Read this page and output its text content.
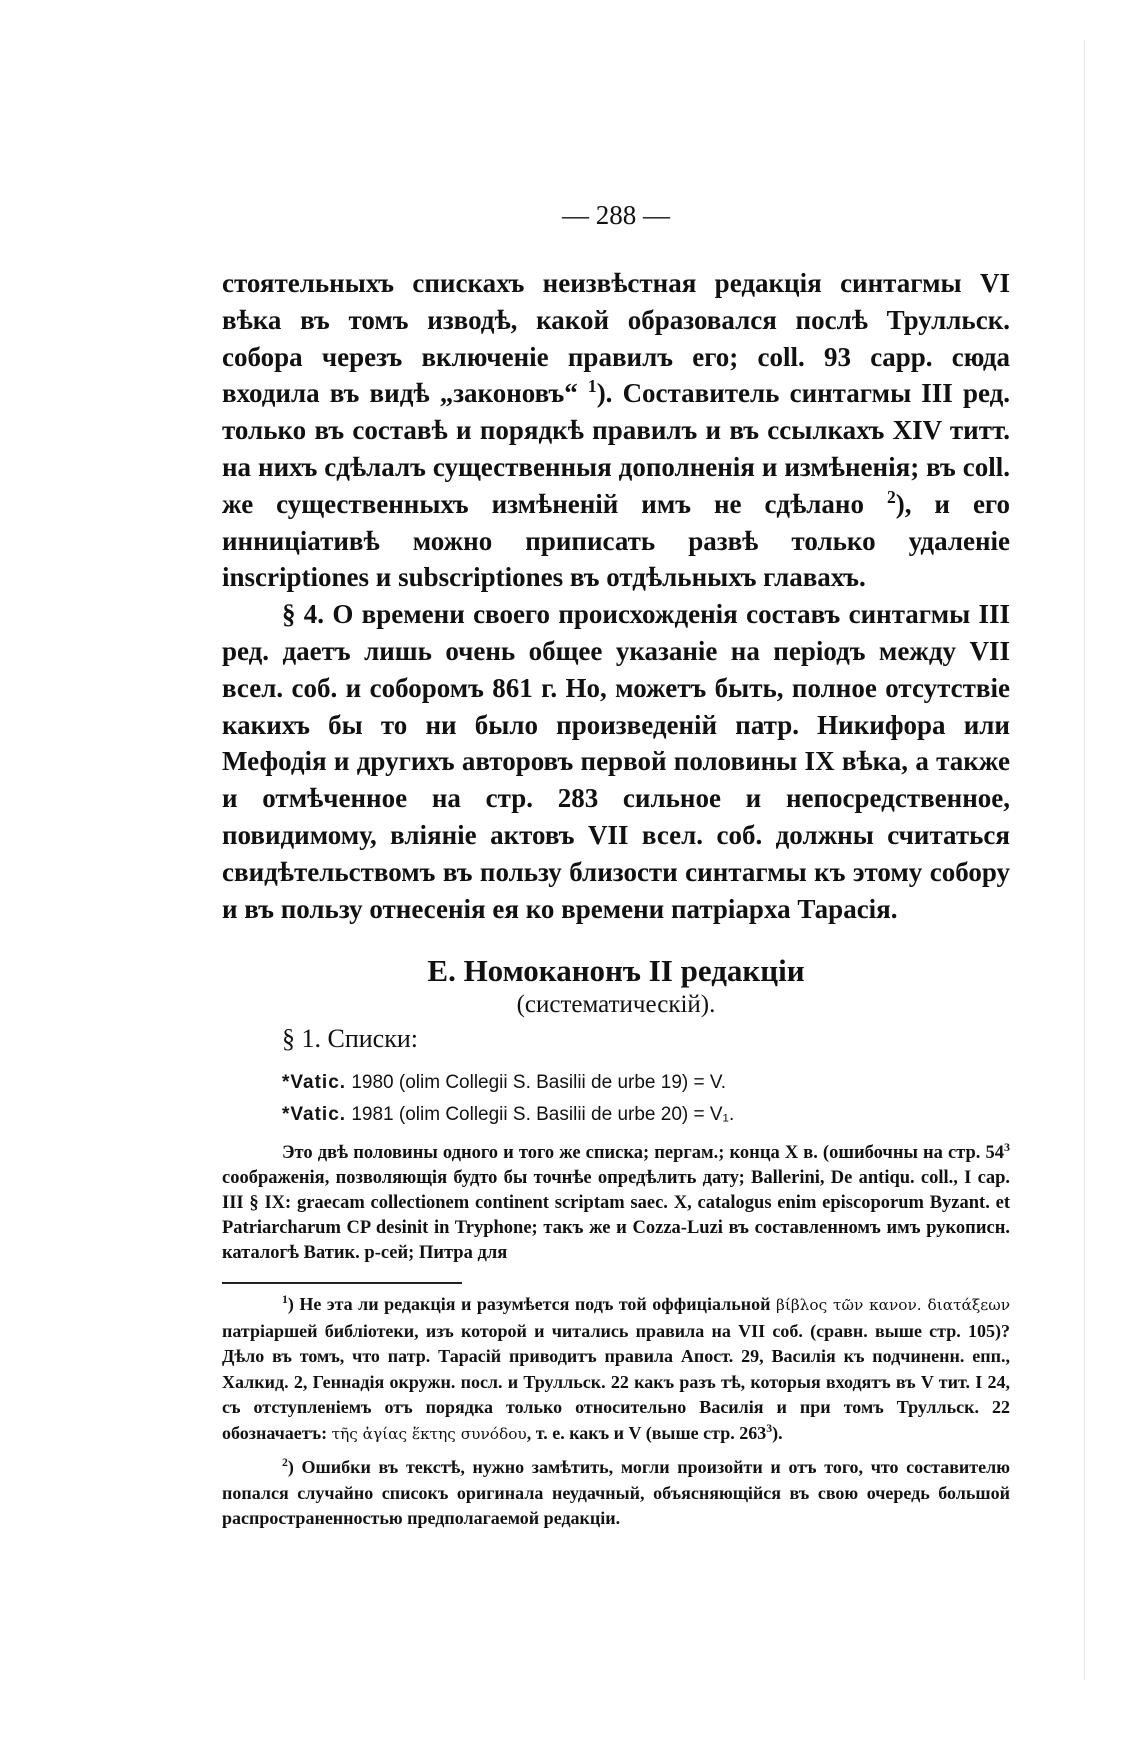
— 288 —

стоятельныхъ спискахъ неизвѣстная редакція синтагмы VI вѣка въ томъ изводѣ, какой образовался послѣ Трулльск. собора черезъ включеніе правилъ его; coll. 93 capp. сюда входила въ видѣ „законовъ“ $^1$). Составитель синтагмы III ред. только въ составѣ и порядкѣ правилъ и въ ссылкахъ XIV титт. на нихъ сдѣлалъ существенныя дополненія и измѣненія; въ coll. же существенныхъ измѣненій имъ не сдѣлано $^2$), и его инниціативѣ можно приписать развѣ только удаленіе inscriptiones и subscriptiones въ отдѣльныхъ главахъ.

§ 4. О времени своего происхожденія составъ синтагмы III ред. даетъ лишь очень общее указаніе на періодъ между VII всел. соб. и соборомъ 861 г. Но, можетъ быть, полное отсутствіе какихъ бы то ни было произведеній патр. Никифора или Мефодія и другихъ авторовъ первой половины IX вѣка, а также и отмѣченное на стр. 283 сильное и непосредственное, повидимому, вліяніе актовъ VII всел. соб. должны считаться свидѣтельствомъ въ пользу близости синтагмы къ этому собору и въ пользу отнесенія ея ко времени патріарха Тарасія.

E. Номоканонъ II редакціи
(систематическій).
§ 1. Списки:
*Vatic. 1980 (olim Collegii S. Basilii de urbe 19) = V.
*Vatic. 1981 (olim Collegii S. Basilii de urbe 20) = V₁.

Это двѣ половины одного и того же списка; пергам.; конца X в. (ошибочны на стр. $54^3$ соображенія, позволяющія будто бы точнѣе опредѣлить дату; Ballerini, De antiqu. coll., I cap. III § IX: graecam collectionem continent scriptam saec. X, catalogus enim episcoporum Byzant. et Patriarcharum CP desinit in Tryphone; такъ же и Cozza-Luzi въ составленномъ имъ рукописн. каталогѣ Ватик. р-сей; Питра для

$^1$) Не эта ли редакція и разумѣется подъ той оффиціальной βίβλος τῶν κανον. διατάξεων патріаршей библіотеки, изъ которой и читались правила на VII соб. (сравн. выше стр. 105)? Дѣло въ томъ, что патр. Тарасій приводитъ правила Апост. 29, Василія къ подчиненн. епп., Халкид. 2, Геннадія окружн. посл. и Трулльск. 22 какъ разъ тѣ, которыя входятъ въ V тит. I 24, съ отступленіемъ отъ порядка только относительно Василія и при томъ Трулльск. 22 обозначаетъ: τῆς ἁγίας ἕκτης συνόδου, т. е. какъ и V (выше стр. $263^3$).

$^2$) Ошибки въ текстѣ, нужно замѣтить, могли произойти и отъ того, что составителю попался случайно списокъ оригинала неудачный, объясняющійся въ свою очередь большой распространенностью предполагаемой редакціи.
